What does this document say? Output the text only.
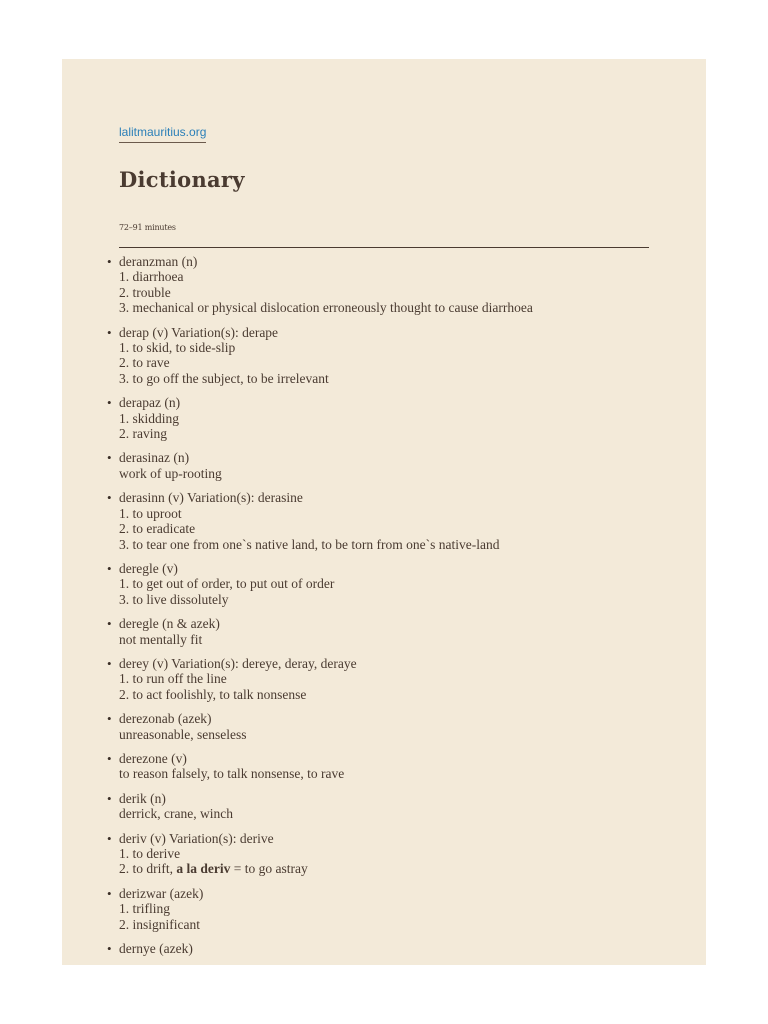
lalitmauritius.org
Dictionary
72–91 minutes
• deranzman (n)
1. diarrhoea
2. trouble
3. mechanical or physical dislocation erroneously thought to cause diarrhoea
• derap (v) Variation(s): derape
1. to skid, to side-slip
2. to rave
3. to go off the subject, to be irrelevant
• derapaz (n)
1. skidding
2. raving
• derasinaz (n)
work of up-rooting
• derasinn (v) Variation(s): derasine
1. to uproot
2. to eradicate
3. to tear one from one`s native land, to be torn from one`s native-land
• deregle (v)
1. to get out of order, to put out of order
3. to live dissolutely
• deregle (n & azek)
not mentally fit
• derey (v) Variation(s): dereye, deray, deraye
1. to run off the line
2. to act foolishly, to talk nonsense
• derezonab (azek)
unreasonable, senseless
• derezone (v)
to reason falsely, to talk nonsense, to rave
• derik (n)
derrick, crane, winch
• deriv (v) Variation(s): derive
1. to derive
2. to drift, a la deriv = to go astray
• derizwar (azek)
1. trifling
2. insignificant
• dernye (azek)
